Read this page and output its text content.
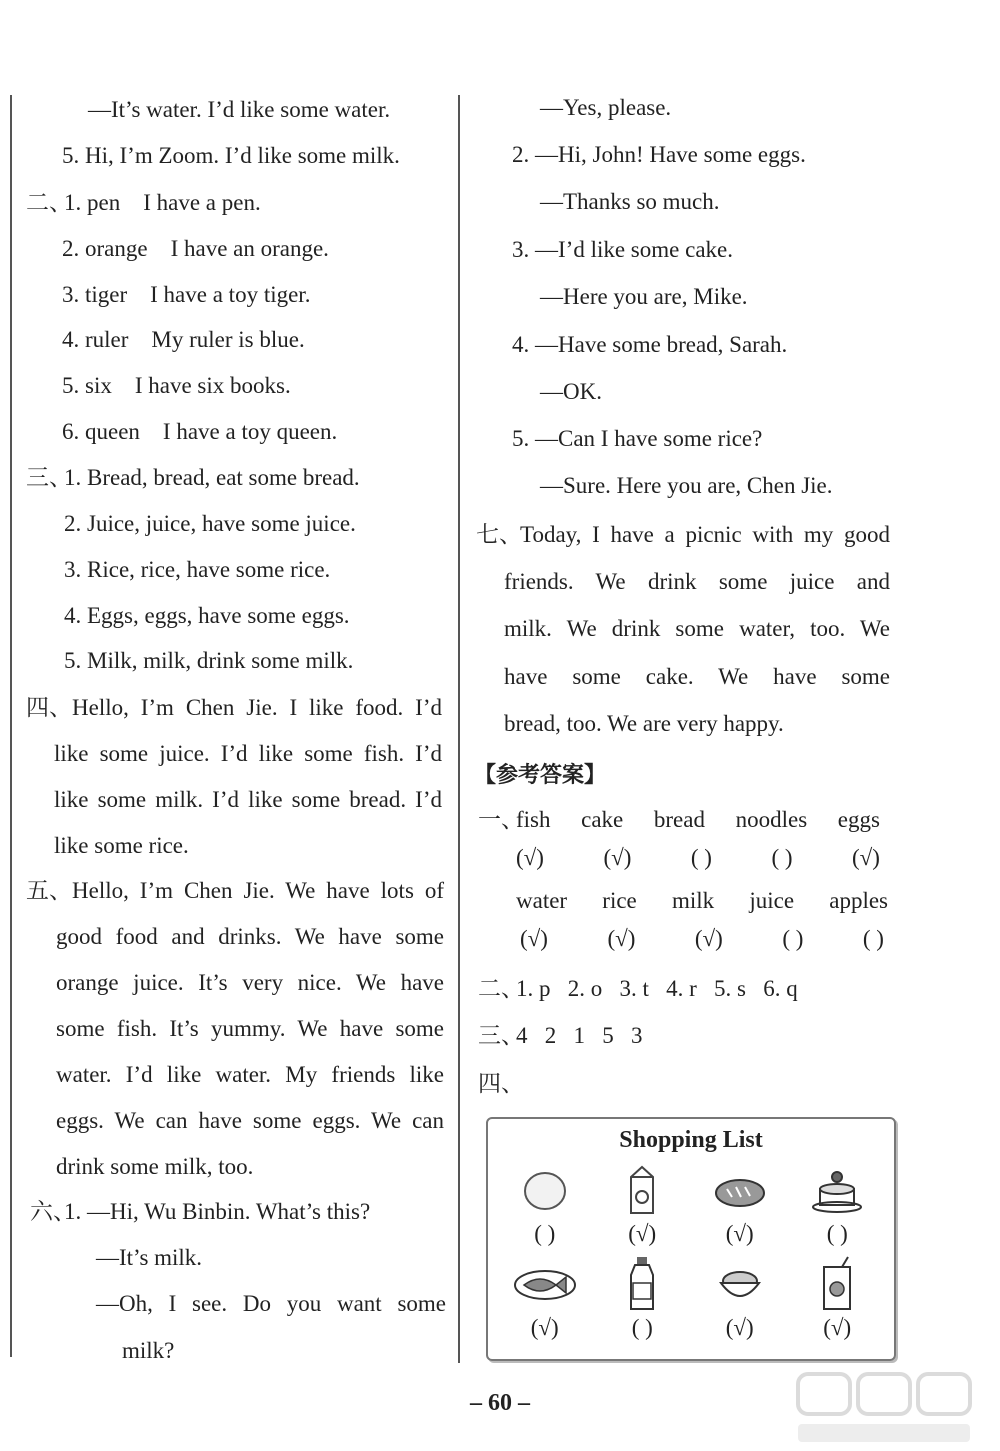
—It’s water. I’d like some water.
5. Hi, I’m Zoom. I’d like some milk.
二、
1. pen    I have a pen.
2. orange    I have an orange.
3. tiger    I have a toy tiger.
4. ruler    My ruler is blue.
5. six    I have six books.
6. queen    I have a toy queen.
三、
1. Bread, bread, eat some bread.
2. Juice, juice, have some juice.
3. Rice, rice, have some rice.
4. Eggs, eggs, have some eggs.
5. Milk, milk, drink some milk.
四、 Hello, I’m Chen Jie. I like food. I’d
like some juice. I’d like some fish. I’d
like some milk. I’d like some bread. I’d
like some rice.
五、 Hello, I’m Chen Jie. We have lots of
good food and drinks. We have some
orange juice. It’s very nice. We have
some fish. It’s yummy. We have some
water. I’d like water. My friends like
eggs. We can have some eggs. We can
drink some milk, too.
六、
1. —Hi, Wu Binbin. What’s this?
—It’s milk.
—Oh, I see. Do you want some
milk?
—Yes, please.
2. —Hi, John! Have some eggs.
—Thanks so much.
3. —I’d like some cake.
—Here you are, Mike.
4. —Have some bread, Sarah.
—OK.
5. —Can I have some rice?
—Sure. Here you are, Chen Jie.
七、
Today, I have a picnic with my good
friends. We drink some juice and
milk. We drink some water, too. We
have some cake. We have some
bread, too. We are very happy.
【参考答案】
一、
fish cake bread noodles eggs
(√)	(√)	( )	( )	(√)
water rice milk juice apples
(√)	(√)	(√)	( )	( )
二、
1. p   2. o   3. t   4. r   5. s   6. q
三、
4   2   1   5   3
四、
Shopping List
( )	(√)	(√)	( )
(√)	( )	(√)	(√)
– 60 –
